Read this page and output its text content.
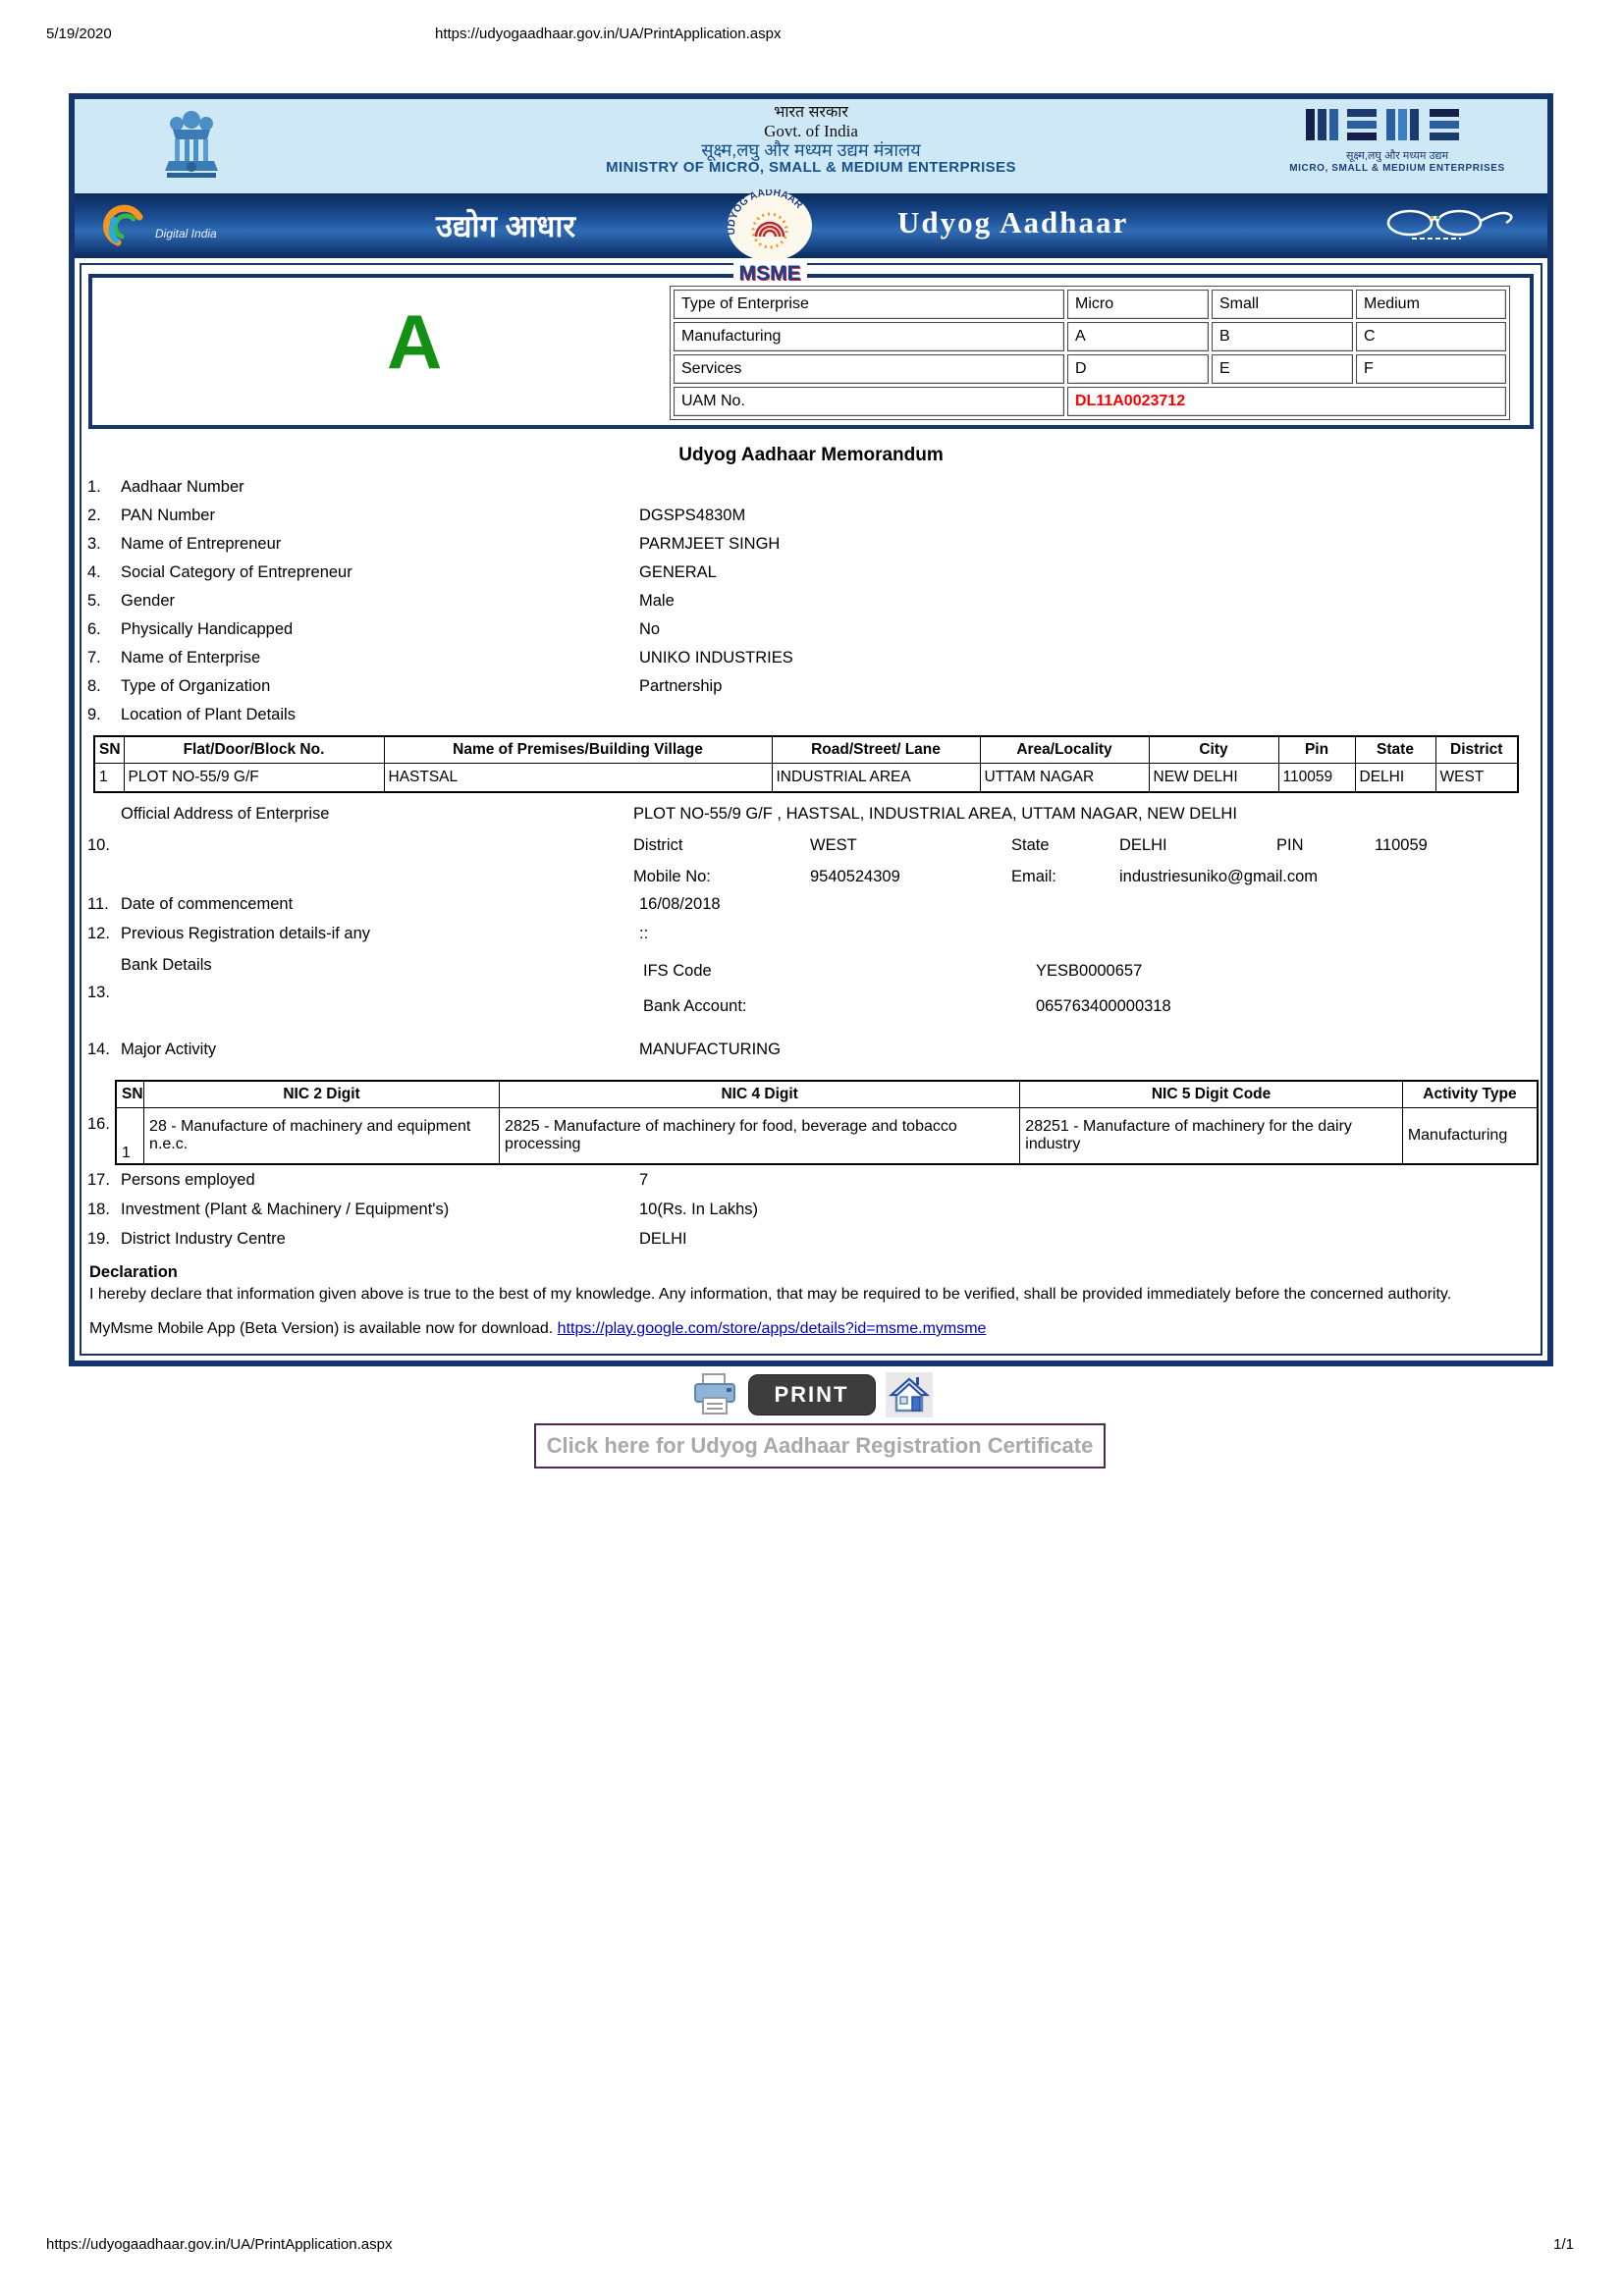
5/19/2020	https://udyogaadhaar.gov.in/UA/PrintApplication.aspx
भारत सरकार
Govt. of India
सूक्ष्म,लघु और मध्यम उद्यम मंत्रालय
MINISTRY OF MICRO, SMALL & MEDIUM ENTERPRISES
सूक्ष्म,लघु और मध्यम उद्यम
MICRO, SMALL & MEDIUM ENTERPRISES
Digital India	उद्योग आधार	UDYOG AADHAAR
MSME
Udyog Aadhaar
A	Type of Enterprise	Micro	Small	Medium
Manufacturing	A	B	C
Services	D	E	F
UAM No.	DL11A0023712		
Udyog Aadhaar Memorandum
1.	Aadhaar Number
2.	PAN Number	DGSPS4830M
3.	Name of Entrepreneur	PARMJEET SINGH
4.	Social Category of Entrepreneur	GENERAL
5.	Gender	Male
6.	Physically Handicapped	No
7.	Name of Enterprise	UNIKO INDUSTRIES
8.	Type of Organization	Partnership
9.	Location of Plant Details
SN	Flat/Door/Block No.	Name of Premises/Building Village	Road/Street/ Lane	Area/Locality	City	Pin	State	District
1	PLOT NO-55/9 G/F	HASTSAL	INDUSTRIAL AREA	UTTAM NAGAR	NEW DELHI	110059	DELHI	WEST
Official Address of Enterprise
10.
PLOT NO-55/9 G/F , HASTSAL, INDUSTRIAL AREA, UTTAM NAGAR, NEW DELHI
District	WEST	State	DELHI	PIN	110059
Mobile No:	9540524309	Email:	industriesuniko@gmail.com
11. Date of commencement	16/08/2018
12. Previous Registration details-if any	::
Bank Details
13.
IFS Code	YESB0000657
Bank Account:	065763400000318
14. Major Activity	MANUFACTURING
16.
SN	NIC 2 Digit	NIC 4 Digit	NIC 5 Digit Code	Activity Type
1	28 - Manufacture of machinery and equipment n.e.c.	2825 - Manufacture of machinery for food, beverage and tobacco processing	28251 - Manufacture of machinery for the dairy industry	Manufacturing
17. Persons employed	7
18. Investment (Plant & Machinery / Equipment's)	10(Rs. In Lakhs)
19. District Industry Centre	DELHI
Declaration
I hereby declare that information given above is true to the best of my knowledge. Any information, that may be required to be verified, shall be provided immediately before the concerned authority.
MyMsme Mobile App (Beta Version) is available now for download. https://play.google.com/store/apps/details?id=msme.mymsme
PRINT
Click here for Udyog Aadhaar Registration Certificate
https://udyogaadhaar.gov.in/UA/PrintApplication.aspx	1/1
